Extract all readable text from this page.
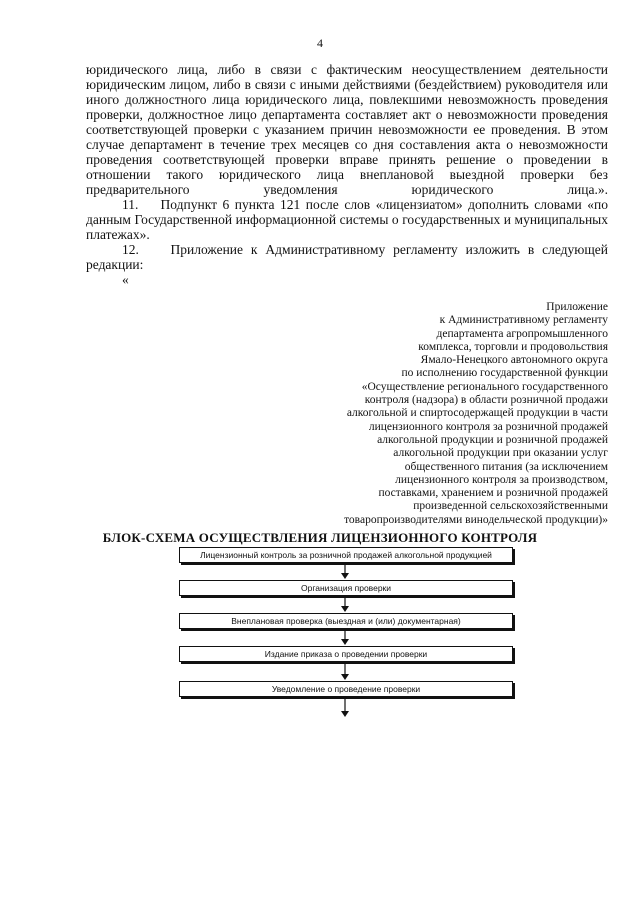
4

юридического лица, либо в связи с фактическим неосуществлением деятельности юридическим лицом, либо в связи с иными действиями (бездействием) руководителя или иного должностного лица юридического лица, повлекшими невозможность проведения проверки, должностное лицо департамента составляет акт о невозможности проведения соответствующей проверки с указанием причин невозможности ее проведения. В этом случае департамент в течение трех месяцев со дня составления акта о невозможности проведения соответствующей проверки вправе принять решение о проведении в отношении такого юридического лица внеплановой выездной проверки без предварительного уведомления юридического лица.».

11.    Подпункт 6 пункта 121 после слов «лицензиатом» дополнить словами «по данным Государственной информационной системы о государственных и муниципальных платежах».

12.    Приложение к Административному регламенту изложить в следующей редакции:

«

Приложение
к Административному регламенту
департамента агропромышленного
комплекса, торговли и продовольствия
Ямало-Ненецкого автономного округа
по исполнению государственной функции
«Осуществление регионального государственного
контроля (надзора) в области розничной продажи
алкогольной и спиртосодержащей продукции в части
лицензионного контроля за розничной продажей
алкогольной продукции и розничной продажей
алкогольной продукции при оказании услуг
общественного питания (за исключением
лицензионного контроля за производством,
поставками, хранением и розничной продажей
произведенной сельскохозяйственными
товаропроизводителями винодельческой продукции)»
БЛОК-СХЕМА ОСУЩЕСТВЛЕНИЯ ЛИЦЕНЗИОННОГО КОНТРОЛЯ
Лицензионный контроль за розничной продажей алкогольной продукцией
Организация проверки
Внеплановая проверка (выездная и (или) документарная)
Издание приказа о проведении проверки
Уведомление о проведение проверки
